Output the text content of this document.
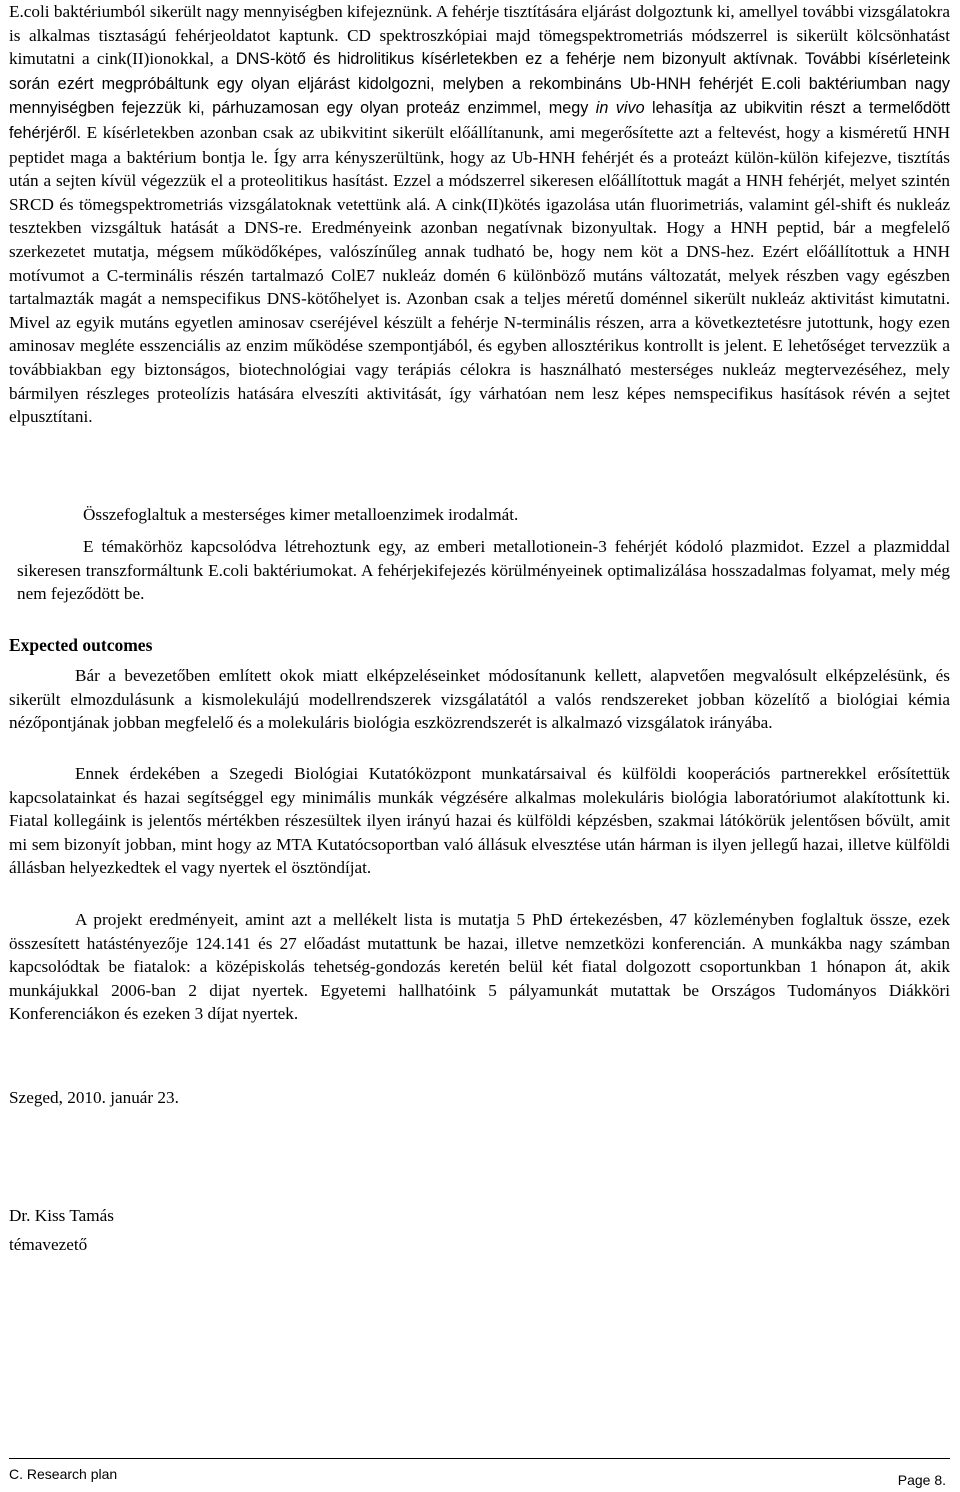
E.coli baktériumból sikerült nagy mennyiségben kifejeznünk. A fehérje tisztítására eljárást dolgoztunk ki, amellyel további vizsgálatokra is alkalmas tisztaságú fehérjeoldatot kaptunk. CD spektroszkópiai majd tömegspektrometriás módszerrel is sikerült kölcsönhatást kimutatni a cink(II)ionokkal, a DNS-kötő és hidrolitikus kísérletekben ez a fehérje nem bizonyult aktívnak. További kísérleteink során ezért megpróbáltunk egy olyan eljárást kidolgozni, melyben a rekombináns Ub-HNH fehérjét E.coli baktériumban nagy mennyiségben fejezzük ki, párhuzamosan egy olyan proteáz enzimmel, megy in vivo lehasítja az ubikvitin részt a termelődött fehérjéről. E kísérletekben azonban csak az ubikvitint sikerült előállítanunk, ami megerősítette azt a feltevést, hogy a kisméretű HNH peptidet maga a baktérium bontja le. Így arra kényszerültünk, hogy az Ub-HNH fehérjét és a proteázt külön-külön kifejezve, tisztítás után a sejten kívül végezzük el a proteolitikus hasítást. Ezzel a módszerrel sikeresen előállítottuk magát a HNH fehérjét, melyet szintén SRCD és tömegspektrometriás vizsgálatoknak vetettünk alá. A cink(II)kötés igazolása után fluorimetriás, valamint gél-shift és nukleáz tesztekben vizsgáltuk hatását a DNS-re. Eredményeink azonban negatívnak bizonyultak. Hogy a HNH peptid, bár a megfelelő szerkezetet mutatja, mégsem működőképes, valószínűleg annak tudható be, hogy nem köt a DNS-hez. Ezért előállítottuk a HNH motívumot a C-terminális részén tartalmazó ColE7 nukleáz domén 6 különböző mutáns változatát, melyek részben vagy egészben tartalmazták magát a nemspecifikus DNS-kötőhelyet is. Azonban csak a teljes méretű doménnel sikerült nukleáz aktivitást kimutatni. Mivel az egyik mutáns egyetlen aminosav cseréjével készült a fehérje N-terminális részen, arra a következtetésre jutottunk, hogy ezen aminosav megléte esszenciális az enzim működése szempontjából, és egyben allosztérikus kontrollt is jelent. E lehetőséget tervezzük a továbbiakban egy biztonságos, biotechnológiai vagy terápiás célokra is használható mesterséges nukleáz megtervezéséhez, mely bármilyen részleges proteolízis hatására elveszíti aktivitását, így várhatóan nem lesz képes nemspecifikus hasítások révén a sejtet elpusztítani.

Összefoglaltuk a mesterséges kimer metalloenzimek irodalmát.

E témakörhöz kapcsolódva létrehoztunk egy, az emberi metallotionein-3 fehérjét kódoló plazmidot. Ezzel a plazmiddal sikeresen transzformáltunk E.coli baktériumokat. A fehérjekifejezés körülményeinek optimalizálása hosszadalmas folyamat, mely még nem fejeződött be.

Expected outcomes

Bár a bevezetőben említett okok miatt elképzeléseinket módosítanunk kellett, alapvetően megvalósult elképzelésünk, és sikerült elmozdulásunk a kismolekulájú modellrendszerek vizsgálatától a valós rendszereket jobban közelítő a biológiai kémia nézőpontjának jobban megfelelő és a molekuláris biológia eszközrendszerét is alkalmazó vizsgálatok irányába.

Ennek érdekében a Szegedi Biológiai Kutatóközpont munkatársaival és külföldi kooperációs partnerekkel erősítettük kapcsolatainkat és hazai segítséggel egy minimális munkák végzésére alkalmas molekuláris biológia laboratóriumot alakítottunk ki. Fiatal kollegáink is jelentős mértékben részesültek ilyen irányú hazai és külföldi képzésben, szakmai látókörük jelentősen bővült, amit mi sem bizonyít jobban, mint hogy az MTA Kutatócsoportban való állásuk elvesztése után hárman is ilyen jellegű hazai, illetve külföldi állásban helyezkedtek el vagy nyertek el ösztöndíjat.

A projekt eredményeit, amint azt a mellékelt lista is mutatja 5 PhD értekezésben, 47 közleményben foglaltuk össze, ezek összesített hatástényezője 124.141 és 27 előadást mutattunk be hazai, illetve nemzetközi konferencián. A munkákba nagy számban kapcsolódtak be fiatalok: a középiskolás tehetség-gondozás keretén belül két fiatal dolgozott csoportunkban 1 hónapon át, akik munkájukkal 2006-ban 2 dijat nyertek. Egyetemi hallhatóink 5 pályamunkát mutattak be Országos Tudományos Diákköri Konferenciákon és ezeken 3 díjat nyertek.

Szeged, 2010. január 23.

Dr. Kiss Tamás

témavezető

C. Research plan	Page 8.
